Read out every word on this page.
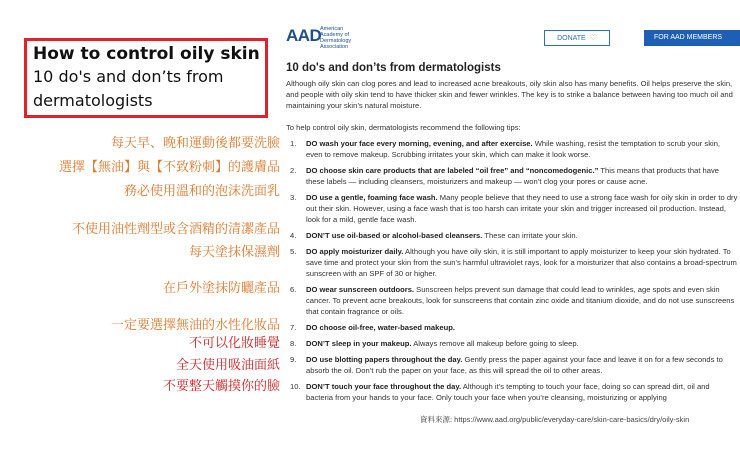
How to control oily skin
10 do's and don’ts from
dermatologists
每天早、晚和運動後都要洗臉
選擇【無油】與【不致粉刺】的護膚品
務必使用溫和的泡沫洗面乳
不使用油性劑型或含酒精的清潔產品
每天塗抹保濕劑
在戶外塗抹防曬產品
一定要選擇無油的水性化妝品
不可以化妝睡覺
全天使用吸油面紙
不要整天觸摸你的臉
AAD
American
Academy of
Dermatology
Association
DONATE ♡	FOR AAD MEMBERS
10 do's and don’ts from dermatologists
Although oily skin can clog pores and lead to increased acne breakouts, oily skin also has many benefits. Oil helps preserve the skin, and people with oily skin tend to have thicker skin and fewer wrinkles. The key is to strike a balance between having too much oil and maintaining your skin’s natural moisture.
To help control oily skin, dermatologists recommend the following tips:
1. DO wash your face every morning, evening, and after exercise. While washing, resist the temptation to scrub your skin, even to remove makeup. Scrubbing irritates your skin, which can make it look worse.
2. DO choose skin care products that are labeled “oil free” and “noncomedogenic.” This means that products that have these labels — including cleansers, moisturizers and makeup — won’t clog your pores or cause acne.
3. DO use a gentle, foaming face wash. Many people believe that they need to use a strong face wash for oily skin in order to dry out their skin. However, using a face wash that is too harsh can irritate your skin and trigger increased oil production. Instead, look for a mild, gentle face wash.
4. DON’T use oil-based or alcohol-based cleansers. These can irritate your skin.
5. DO apply moisturizer daily. Although you have oily skin, it is still important to apply moisturizer to keep your skin hydrated. To save time and protect your skin from the sun’s harmful ultraviolet rays, look for a moisturizer that also contains a broad-spectrum sunscreen with an SPF of 30 or higher.
6. DO wear sunscreen outdoors. Sunscreen helps prevent sun damage that could lead to wrinkles, age spots and even skin cancer. To prevent acne breakouts, look for sunscreens that contain zinc oxide and titanium dioxide, and do not use sunscreens that contain fragrance or oils.
7. DO choose oil-free, water-based makeup.
8. DON’T sleep in your makeup. Always remove all makeup before going to sleep.
9. DO use blotting papers throughout the day. Gently press the paper against your face and leave it on for a few seconds to absorb the oil. Don’t rub the paper on your face, as this will spread the oil to other areas.
10. DON’T touch your face throughout the day. Although it’s tempting to touch your face, doing so can spread dirt, oil and bacteria from your hands to your face. Only touch your face when you’re cleansing, moisturizing or applying
資料來源: https://www.aad.org/public/everyday-care/skin-care-basics/dry/oily-skin
